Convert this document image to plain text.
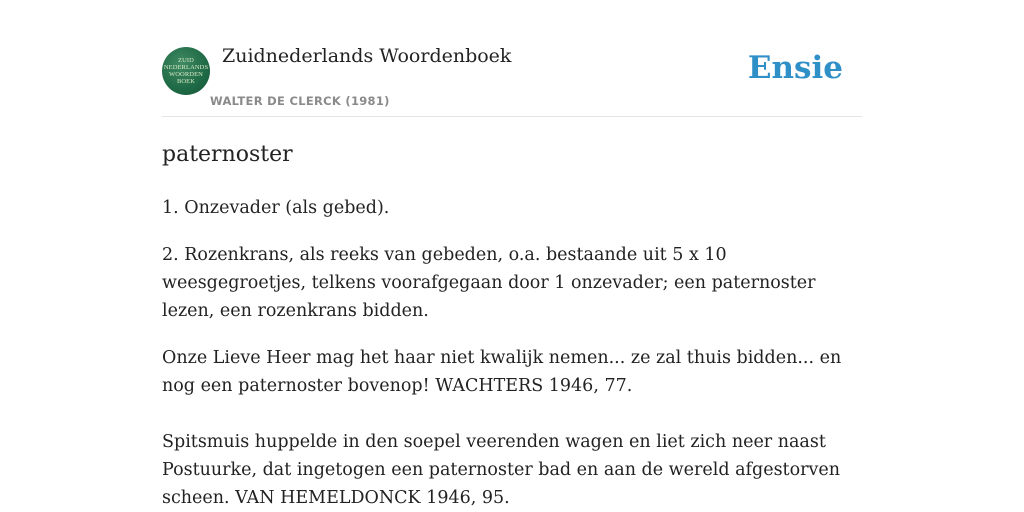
ZUID
NEDERLANDS
WOORDEN
BOEK
Zuidnederlands Woordenboek
WALTER DE CLERCK (1981)
Ensie
paternoster

1. Onzevader (als gebed).

2. Rozenkrans, als reeks van gebeden, o.a. bestaande uit 5 x 10 weesgegroetjes, telkens voorafgegaan door 1 onzevader; een paternoster lezen, een rozenkrans bidden.

Onze Lieve Heer mag het haar niet kwalijk nemen... ze zal thuis bidden... en nog een paternoster bovenop! WACHTERS 1946, 77.

Spitsmuis huppelde in den soepel veerenden wagen en liet zich neer naast Postuurke, dat ingetogen een paternoster bad en aan de wereld afgestorven scheen. VAN HEMELDONCK 1946, 95.
